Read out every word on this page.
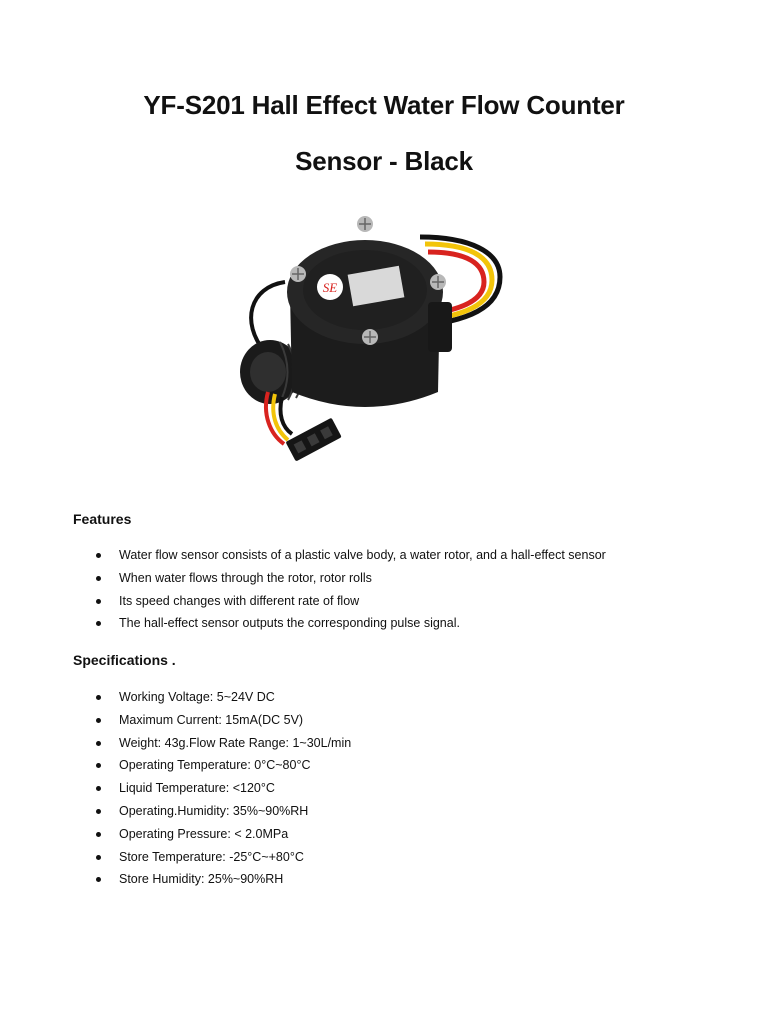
YF-S201 Hall Effect Water Flow Counter
Sensor - Black
SE
Features
Water flow sensor consists of a plastic valve body, a water rotor, and a hall-effect sensor
When water flows through the rotor, rotor rolls
Its speed changes with different rate of flow
The hall-effect sensor outputs the corresponding pulse signal.
Specifications .
Working Voltage: 5~24V DC
Maximum Current: 15mA(DC 5V)
Weight: 43g.Flow Rate Range: 1~30L/min
Operating Temperature: 0°C~80°C
Liquid Temperature: <120°C
Operating.Humidity: 35%~90%RH
Operating Pressure: < 2.0MPa
Store Temperature: -25°C~+80°C
Store Humidity: 25%~90%RH
